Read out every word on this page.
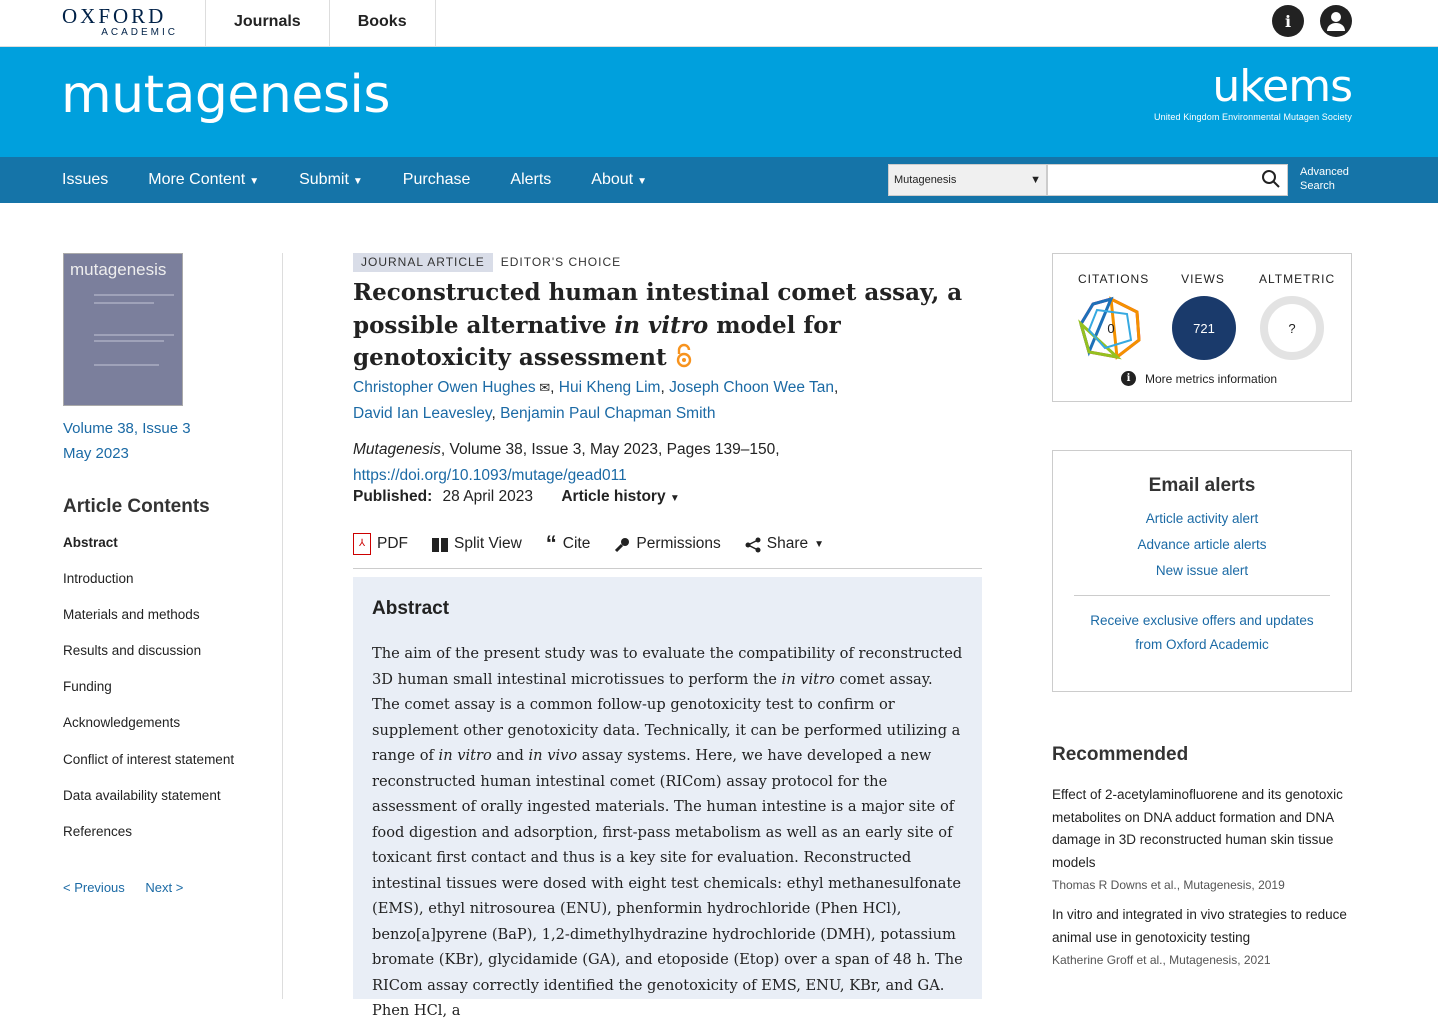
OXFORD
ACADEMIC
Journals	Books	i
mutagenesis	ukems
United Kingdom Environmental Mutagen Society
Issues	More Content ▼	Submit ▼	Purchase	Alerts	About ▼	Mutagenesis	▼
Advanced
Search
mutagenesis
Volume 38, Issue 3
May 2023
Article Contents
Abstract
Introduction
Materials and methods
Results and discussion
Funding
Acknowledgements
Conflict of interest statement
Data availability statement
References
< Previous Next >
JOURNAL ARTICLE	EDITOR'S CHOICE
Reconstructed human intestinal comet assay, a possible alternative in vitro model for genotoxicity assessment
Christopher Owen Hughes ✉, Hui Kheng Lim, Joseph Choon Wee Tan,
David Ian Leavesley, Benjamin Paul Chapman Smith
Mutagenesis, Volume 38, Issue 3, May 2023, Pages 139–150,
https://doi.org/10.1093/mutage/gead011
Published: 28 April 2023 Article history ▼
⅄ PDF	Split View “ Cite	Permissions	Share ▼
Abstract

The aim of the present study was to evaluate the compatibility of reconstructed 3D human small intestinal microtissues to perform the in vitro comet assay. The comet assay is a common follow-up genotoxicity test to confirm or supplement other genotoxicity data. Technically, it can be performed utilizing a range of in vitro and in vivo assay systems. Here, we have developed a new reconstructed human intestinal comet (RICom) assay protocol for the assessment of orally ingested materials. The human intestine is a major site of food digestion and adsorption, first-pass metabolism as well as an early site of toxicant first contact and thus is a key site for evaluation. Reconstructed intestinal tissues were dosed with eight test chemicals: ethyl methanesulfonate (EMS), ethyl nitrosourea (ENU), phenformin hydrochloride (Phen HCl), benzo[a]pyrene (BaP), 1,2-dimethylhydrazine hydrochloride (DMH), potassium bromate (KBr), glycidamide (GA), and etoposide (Etop) over a span of 48 h. The RICom assay correctly identified the genotoxicity of EMS, ENU, KBr, and GA. Phen HCl, a

CITATIONS	VIEWS	ALTMETRIC
0	721	?
i	More metrics information
Email alerts
Article activity alert
Advance article alerts
New issue alert
Receive exclusive offers and updates from Oxford Academic
Recommended
Effect of 2-acetylaminofluorene and its genotoxic metabolites on DNA adduct formation and DNA damage in 3D reconstructed human skin tissue models
Thomas R Downs et al., Mutagenesis, 2019
In vitro and integrated in vivo strategies to reduce animal use in genotoxicity testing
Katherine Groff et al., Mutagenesis, 2021
